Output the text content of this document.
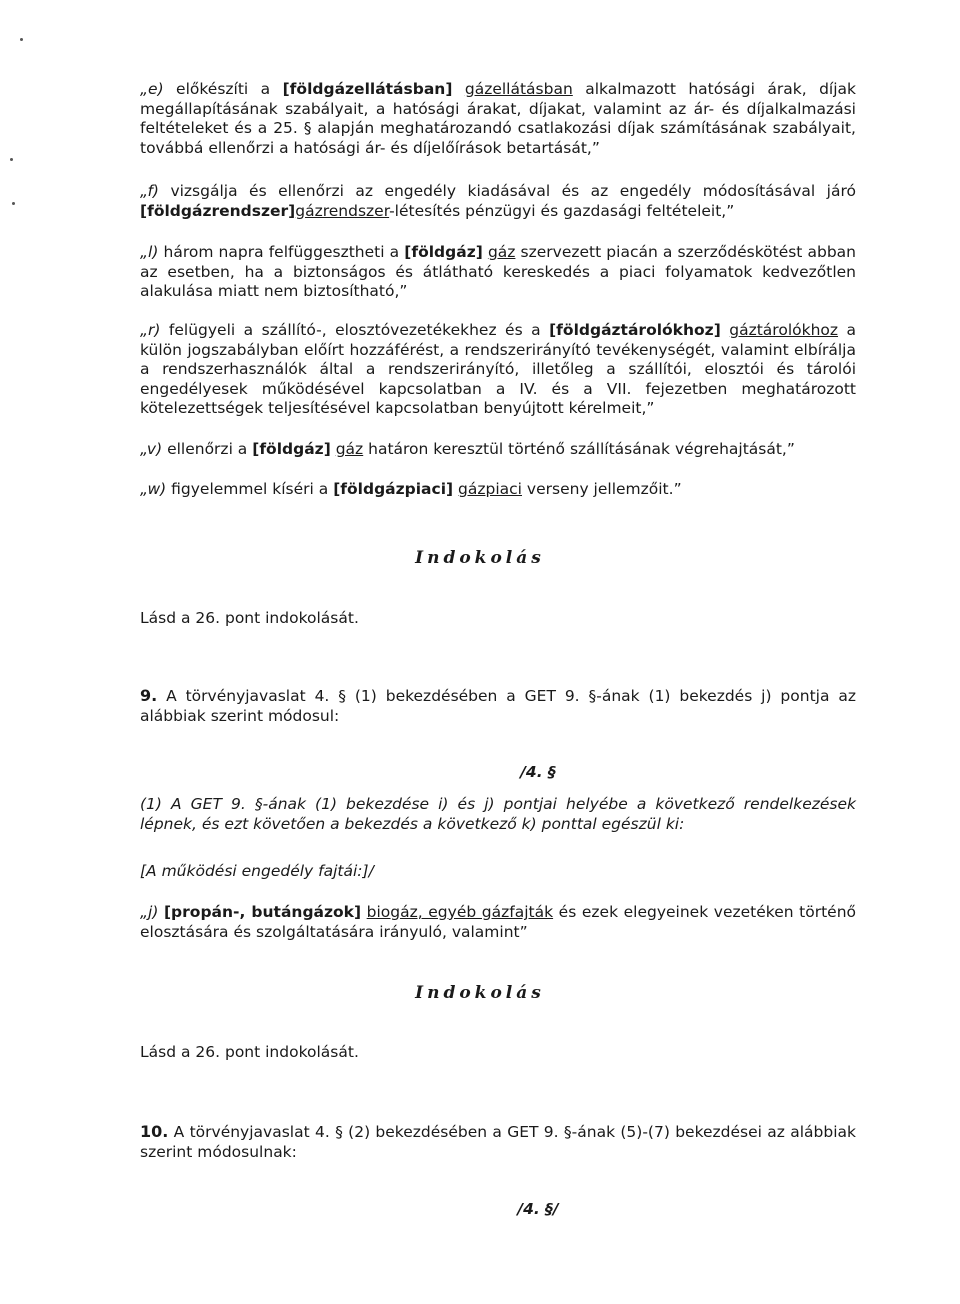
„e) előkészíti a [földgázellátásban] gázellátásban alkalmazott hatósági árak, díjak megállapításának szabályait, a hatósági árakat, díjakat, valamint az ár- és díjalkalmazási feltételeket és a 25. § alapján meghatározandó csatlakozási díjak számításának szabályait, továbbá ellenőrzi a hatósági ár- és díjelőírások betartását,”

„f) vizsgálja és ellenőrzi az engedély kiadásával és az engedély módosításával járó [földgázrendszer]gázrendszer-létesítés pénzügyi és gazdasági feltételeit,”

„l) három napra felfüggesztheti a [földgáz] gáz szervezett piacán a szerződéskötést abban az esetben, ha a biztonságos és átlátható kereskedés a piaci folyamatok kedvezőtlen alakulása miatt nem biztosítható,”

„r) felügyeli a szállító-, elosztóvezetékekhez és a [földgáztárolókhoz] gáztárolókhoz a külön jogszabályban előírt hozzáférést, a rendszerirányító tevékenységét, valamint elbírálja a rendszerhasználók által a rendszerirányító, illetőleg a szállítói, elosztói és tárolói engedélyesek működésével kapcsolatban a IV. és a VII. fejezetben meghatározott kötelezettségek teljesítésével kapcsolatban benyújtott kérelmeit,”

„v) ellenőrzi a [földgáz] gáz határon keresztül történő szállításának végrehajtását,”

„w) figyelemmel kíséri a [földgázpiaci] gázpiaci verseny jellemzőit.”

Indokolás

Lásd a 26. pont indokolását.

9. A törvényjavaslat 4. § (1) bekezdésében a GET 9. §-ának (1) bekezdés j) pontja az alábbiak szerint módosul:

/4. §

(1) A GET 9. §-ának (1) bekezdése i) és j) pontjai helyébe a következő rendelkezések lépnek, és ezt követően a bekezdés a következő k) ponttal egészül ki:

[A működési engedély fajtái:]/

„j) [propán-, butángázok] biogáz, egyéb gázfajták és ezek elegyeinek vezetéken történő elosztására és szolgáltatására irányuló, valamint”

Indokolás

Lásd a 26. pont indokolását.

10. A törvényjavaslat 4. § (2) bekezdésében a GET 9. §-ának (5)-(7) bekezdései az alábbiak szerint módosulnak:

/4. §/
